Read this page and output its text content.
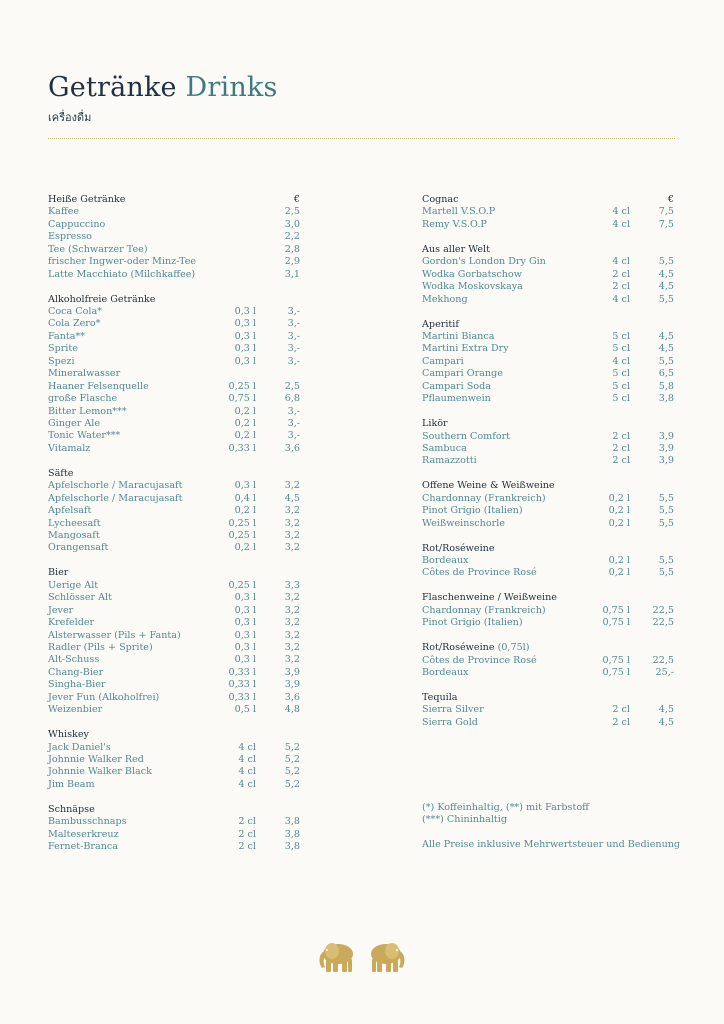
Getränke Drinks
เครื่องดื่ม
Heiße Getränke	€
Kaffee	2,5
Cappuccino	3,0
Espresso	2,2
Tee (Schwarzer Tee)	2,8
frischer Ingwer-oder Minz-Tee	2,9
Latte Macchiato (Milchkaffee)	3,1
Alkoholfreie Getränke
Coca Cola*	0,3 l	3,-
Cola Zero*	0,3 l	3,-
Fanta**	0,3 l	3,-
Sprite	0,3 l	3,-
Spezi	0,3 l	3,-
Mineralwasser
Haaner Felsenquelle	0,25 l	2,5
große Flasche	0,75 l	6,8
Bitter Lemon***	0,2 l	3,-
Ginger Ale	0,2 l	3,-
Tonic Water***	0,2 l	3,-
Vitamalz	0,33 l	3,6
Säfte
Apfelschorle / Maracujasaft	0,3 l	3,2
Apfelschorle / Maracujasaft	0,4 l	4,5
Apfelsaft	0,2 l	3,2
Lycheesaft	0,25 l	3,2
Mangosaft	0,25 l	3,2
Orangensaft	0,2 l	3,2
Bier
Uerige Alt	0,25 l	3,3
Schlösser Alt	0,3 l	3,2
Jever	0,3 l	3,2
Krefelder	0,3 l	3,2
Alsterwasser (Pils + Fanta)	0,3 l	3,2
Radler (Pils + Sprite)	0,3 l	3,2
Alt-Schuss	0,3 l	3,2
Chang-Bier	0,33 l	3,9
Singha-Bier	0,33 l	3,9
Jever Fun (Alkoholfrei)	0,33 l	3,6
Weizenbier	0,5 l	4,8
Whiskey
Jack Daniel's	4 cl	5,2
Johnnie Walker Red	4 cl	5,2
Johnnie Walker Black	4 cl	5,2
Jim Beam	4 cl	5,2
Schnäpse
Bambusschnaps	2 cl	3,8
Malteserkreuz	2 cl	3,8
Fernet-Branca	2 cl	3,8
Cognac	€
Martell V.S.O.P	4 cl	7,5
Remy V.S.O.P	4 cl	7,5
Aus aller Welt
Gordon's London Dry Gin	4 cl	5,5
Wodka Gorbatschow	2 cl	4,5
Wodka Moskovskaya	2 cl	4,5
Mekhong	4 cl	5,5
Aperitif
Martini Bianca	5 cl	4,5
Martini Extra Dry	5 cl	4,5
Campari	4 cl	5,5
Campari Orange	5 cl	6,5
Campari Soda	5 cl	5,8
Pflaumenwein	5 cl	3,8
Likör
Southern Comfort	2 cl	3,9
Sambuca	2 cl	3,9
Ramazzotti	2 cl	3,9
Offene Weine & Weißweine
Chardonnay (Frankreich)	0,2 l	5,5
Pinot Grigio (Italien)	0,2 l	5,5
Weißweinschorle	0,2 l	5,5
Rot/Roséweine
Bordeaux	0,2 l	5,5
Côtes de Province Rosé	0,2 l	5,5
Flaschenweine / Weißweine
Chardonnay (Frankreich)	0,75 l 22,5
Pinot Grigio (Italien)	0,75 l 22,5
Rot/Roséweine (0,75l)
Côtes de Province Rosé	0,75 l 22,5
Bordeaux	0,75 l	25,-
Tequila
Sierra Silver	2 cl	4,5
Sierra Gold	2 cl	4,5
(*) Koffeinhaltig, (**) mit Farbstoff
(***) Chininhaltig
Alle Preise inklusive Mehrwertsteuer und Bedienung
